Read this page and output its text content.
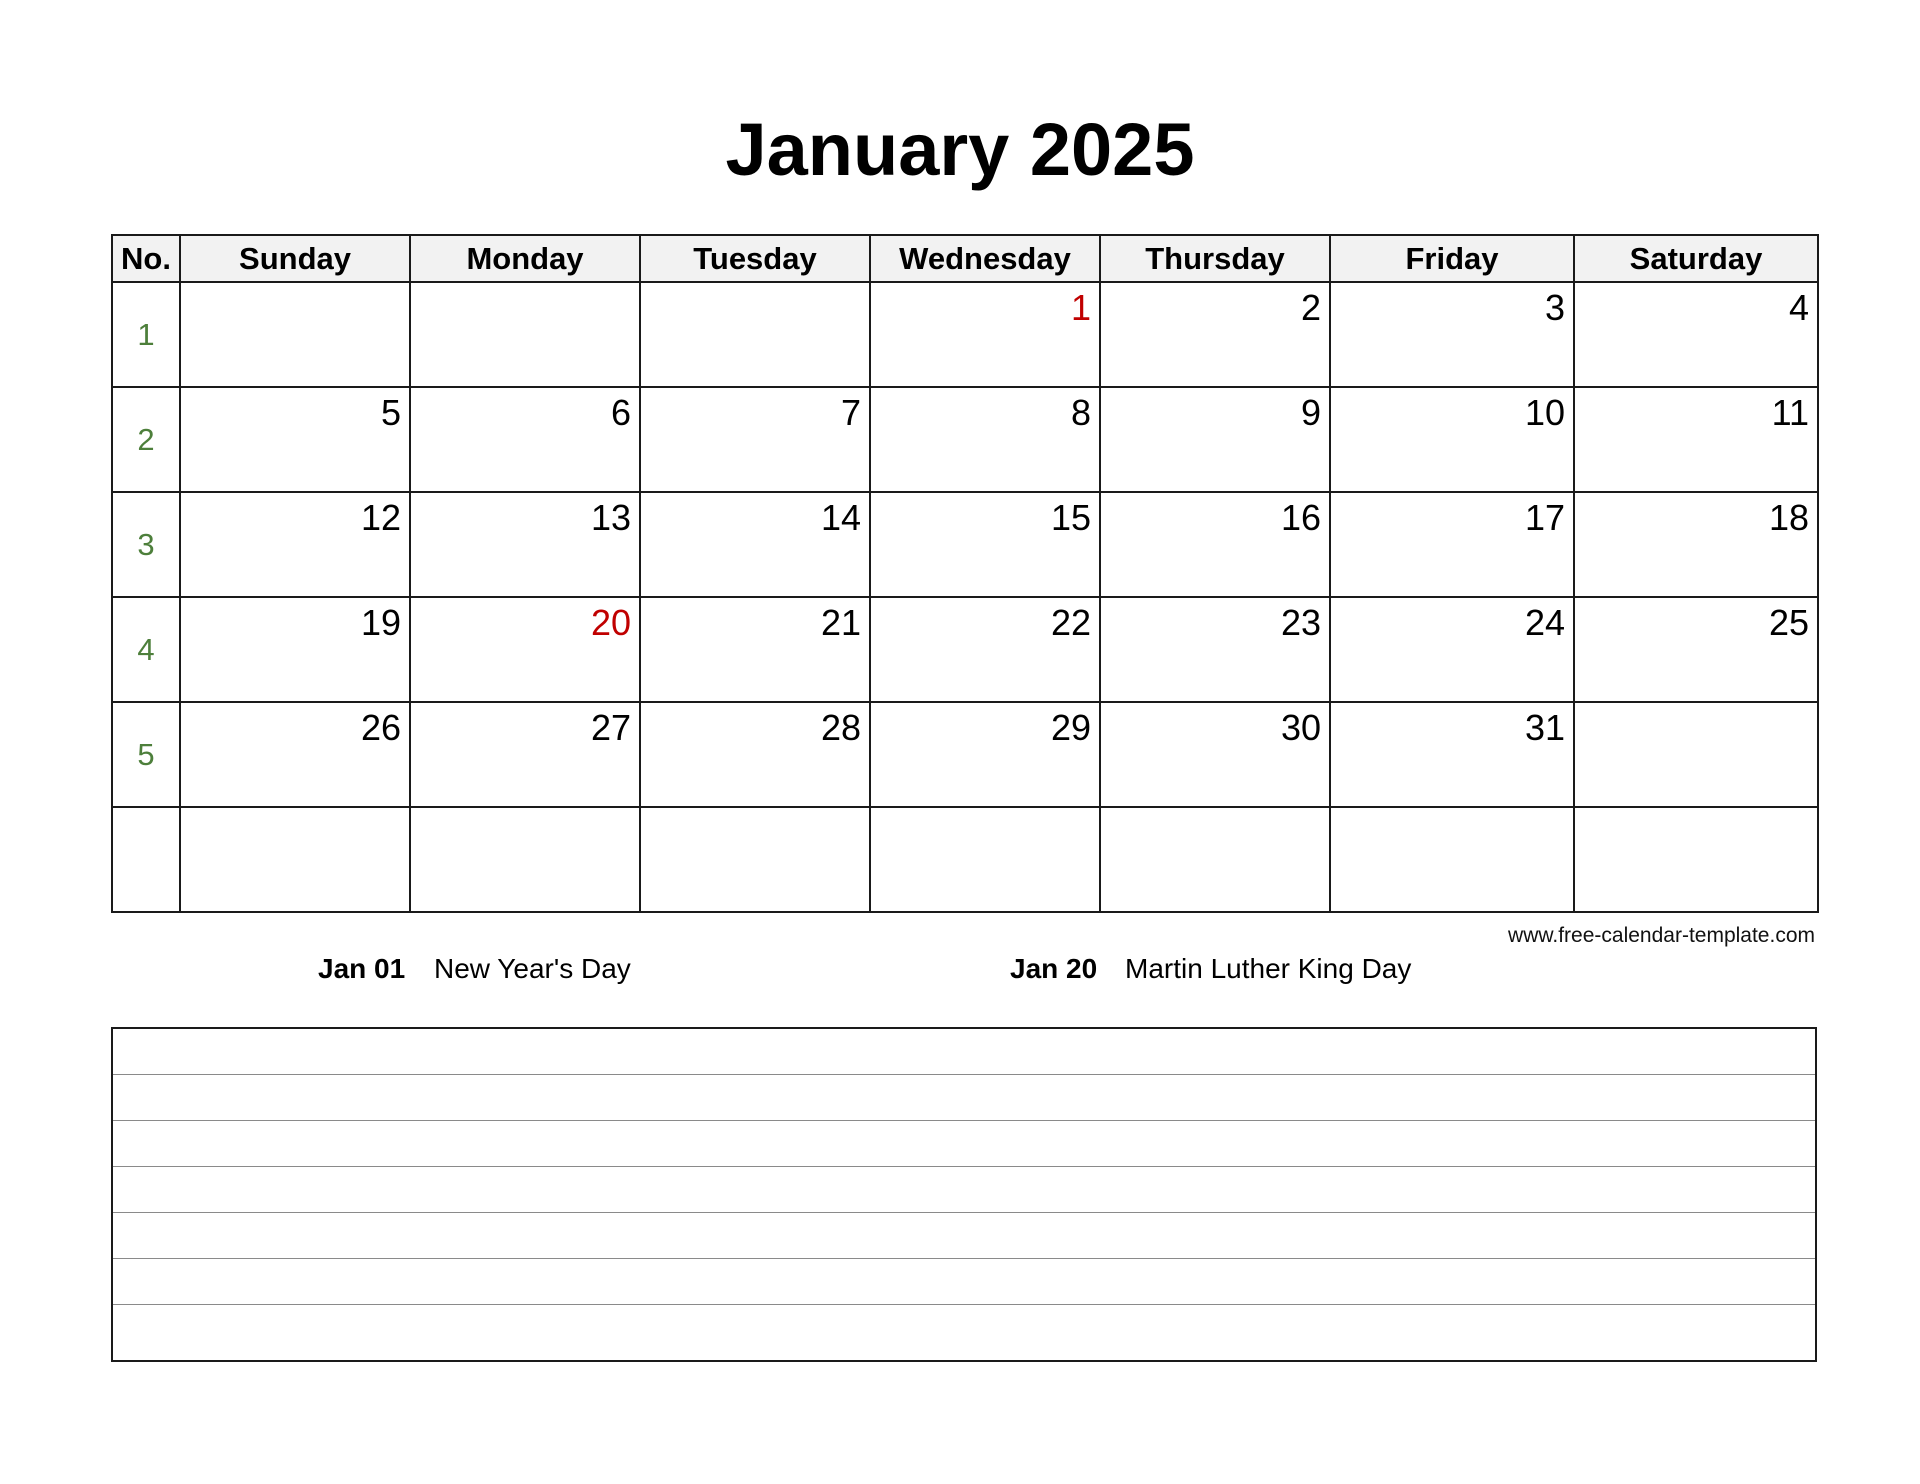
January 2025
No.	Sunday	Monday	Tuesday	Wednesday	Thursday	Friday	Saturday
1				1	2	3	4

2	5	6	7	8	9	10	11

3	12	13	14	15	16	17	18

4	19	20	21	22	23	24	25

5	26	27	28	29	30	31	

www.free-calendar-template.com
Jan 01 New Year's Day	Jan 20 Martin Luther King Day
